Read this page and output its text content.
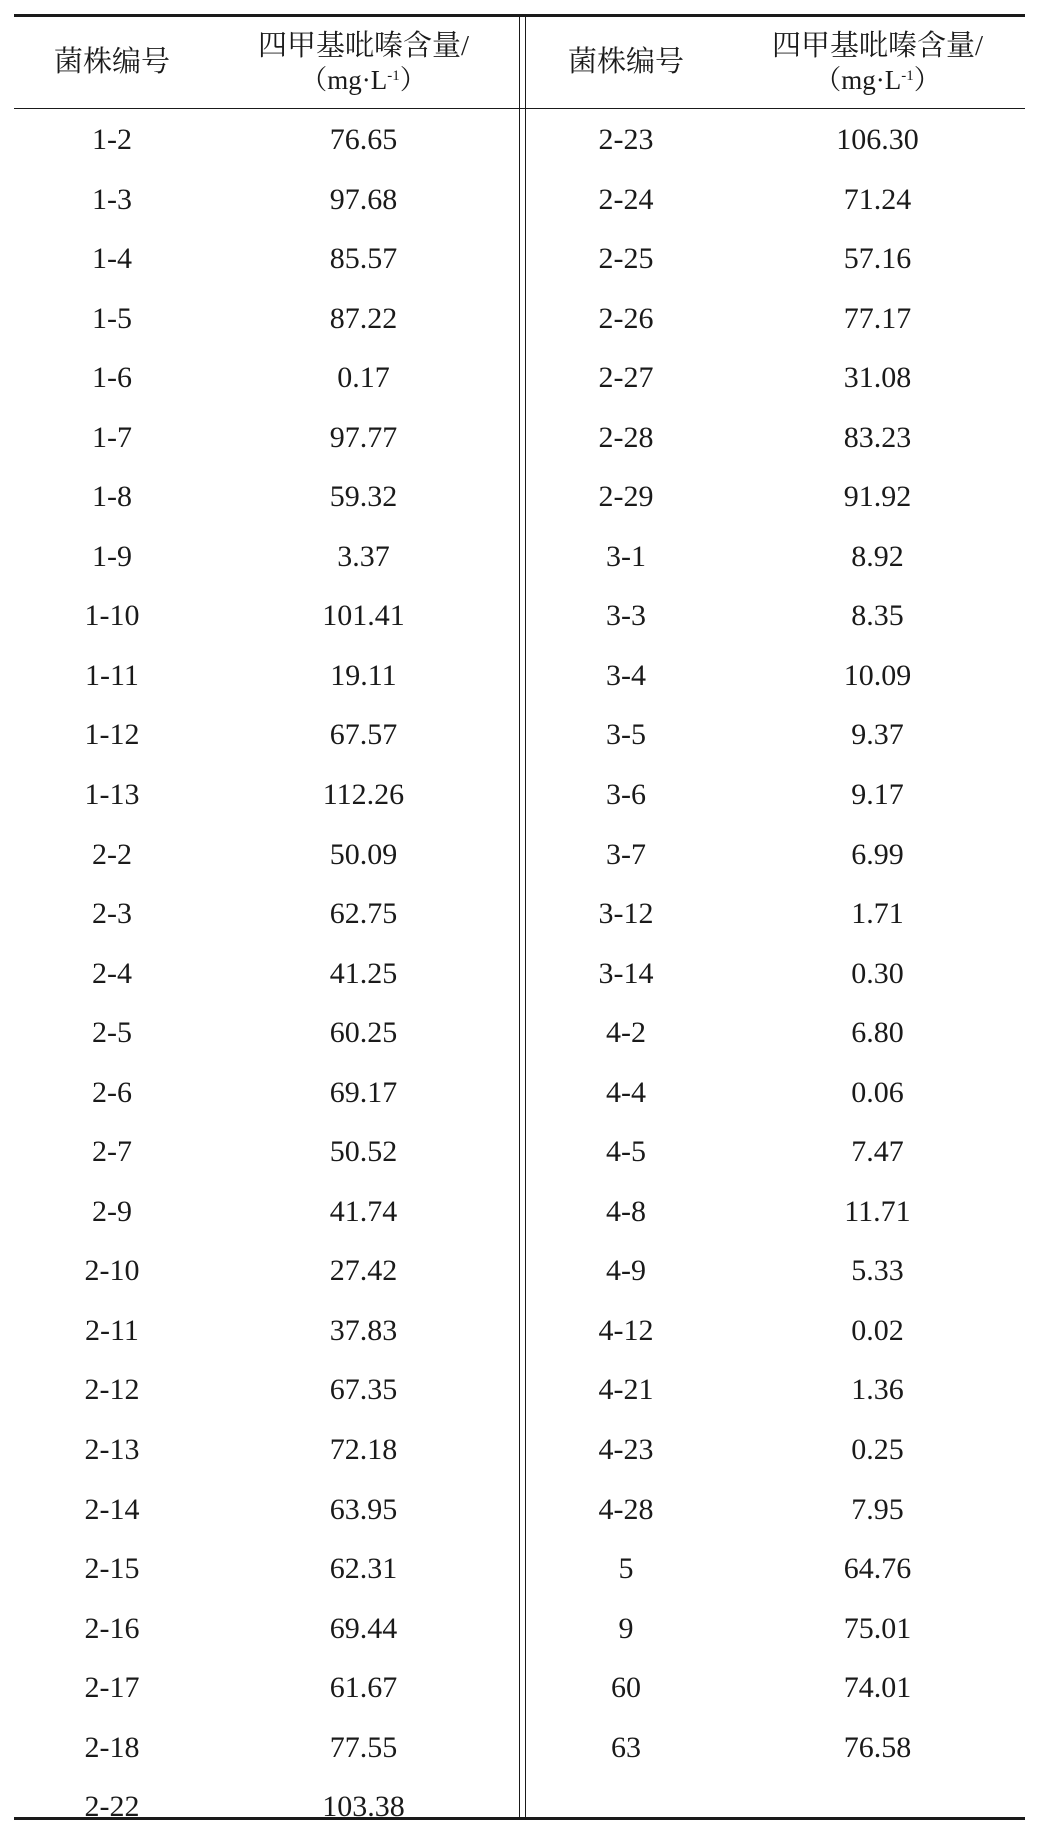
菌株编号	四甲基吡嗪含量/
$(mg\cdot L^{-1})$
1-2	76.65
1-3	97.68
1-4	85.57
1-5	87.22
1-6	0.17
1-7	97.77
1-8	59.32
1-9	3.37
1-10	101.41
1-11	19.11
1-12	67.57
1-13	112.26
2-2	50.09
2-3	62.75
2-4	41.25
2-5	60.25
2-6	69.17
2-7	50.52
2-9	41.74
2-10	27.42
2-11	37.83
2-12	67.35
2-13	72.18
2-14	63.95
2-15	62.31
2-16	69.44
2-17	61.67
2-18	77.55
2-22	103.38
菌株编号	四甲基吡嗪含量/
$(mg\cdot L^{-1})$
2-23	106.30
2-24	71.24
2-25	57.16
2-26	77.17
2-27	31.08
2-28	83.23
2-29	91.92
3-1	8.92
3-3	8.35
3-4	10.09
3-5	9.37
3-6	9.17
3-7	6.99
3-12	1.71
3-14	0.30
4-2	6.80
4-4	0.06
4-5	7.47
4-8	11.71
4-9	5.33
4-12	0.02
4-21	1.36
4-23	0.25
4-28	7.95
5	64.76
9	75.01
60	74.01
63	76.58
